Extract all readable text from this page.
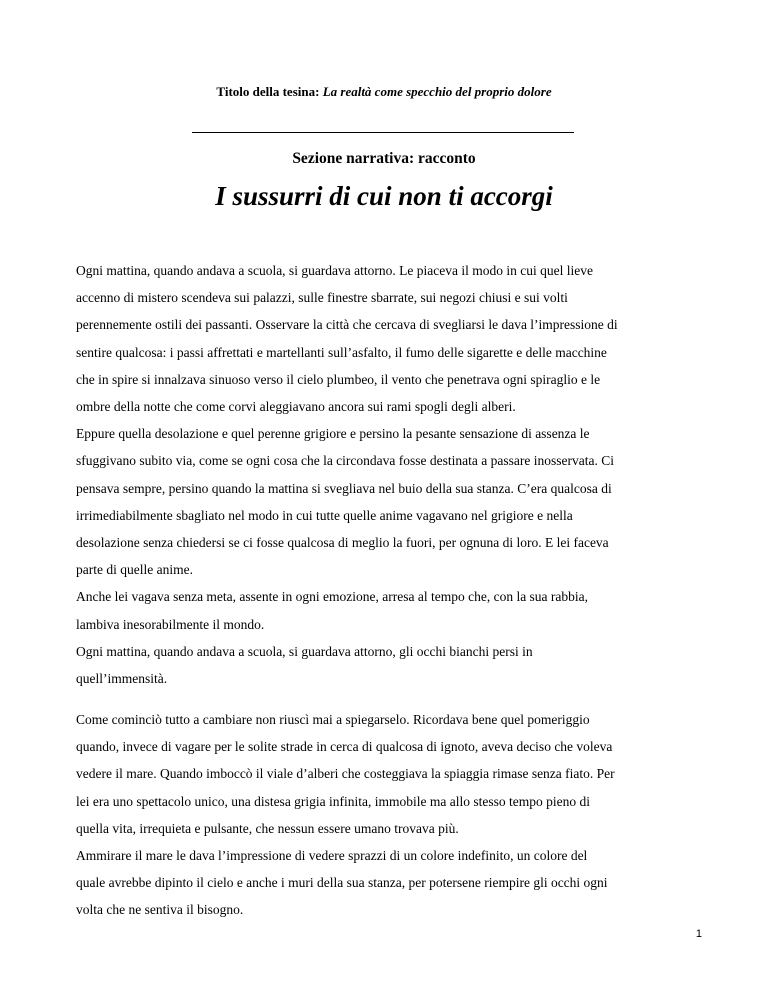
Titolo della tesina: La realtà come specchio del proprio dolore
Sezione narrativa: racconto
I sussurri di cui non ti accorgi

Ogni mattina, quando andava a scuola, si guardava attorno. Le piaceva il modo in cui quel lieve

accenno di mistero scendeva sui palazzi, sulle finestre sbarrate, sui negozi chiusi e sui volti

perennemente ostili dei passanti. Osservare la città che cercava di svegliarsi le dava l’impressione di

sentire qualcosa: i passi affrettati e martellanti sull’asfalto, il fumo delle sigarette e delle macchine

che in spire si innalzava sinuoso verso il cielo plumbeo, il vento che penetrava ogni spiraglio e le

ombre della notte che come corvi aleggiavano ancora sui rami spogli degli alberi.

Eppure quella desolazione e quel perenne grigiore e persino la pesante sensazione di assenza le

sfuggivano subito via, come se ogni cosa che la circondava fosse destinata a passare inosservata. Ci

pensava sempre, persino quando la mattina si svegliava nel buio della sua stanza. C’era qualcosa di

irrimediabilmente sbagliato nel modo in cui tutte quelle anime vagavano nel grigiore e nella

desolazione senza chiedersi se ci fosse qualcosa di meglio la fuori, per ognuna di loro. E lei faceva

parte di quelle anime.

Anche lei vagava senza meta, assente in ogni emozione, arresa al tempo che, con la sua rabbia,

lambiva inesorabilmente il mondo.

Ogni mattina, quando andava a scuola, si guardava attorno, gli occhi bianchi persi in

quell’immensità.

Come cominciò tutto a cambiare non riuscì mai a spiegarselo. Ricordava bene quel pomeriggio

quando, invece di vagare per le solite strade in cerca di qualcosa di ignoto, aveva deciso che voleva

vedere il mare. Quando imboccò il viale d’alberi che costeggiava la spiaggia rimase senza fiato. Per

lei era uno spettacolo unico, una distesa grigia infinita, immobile ma allo stesso tempo pieno di

quella vita, irrequieta e pulsante, che nessun essere umano trovava più.

Ammirare il mare le dava l’impressione di vedere sprazzi di un colore indefinito, un colore del

quale avrebbe dipinto il cielo e anche i muri della sua stanza, per potersene riempire gli occhi ogni

volta che ne sentiva il bisogno.

1
